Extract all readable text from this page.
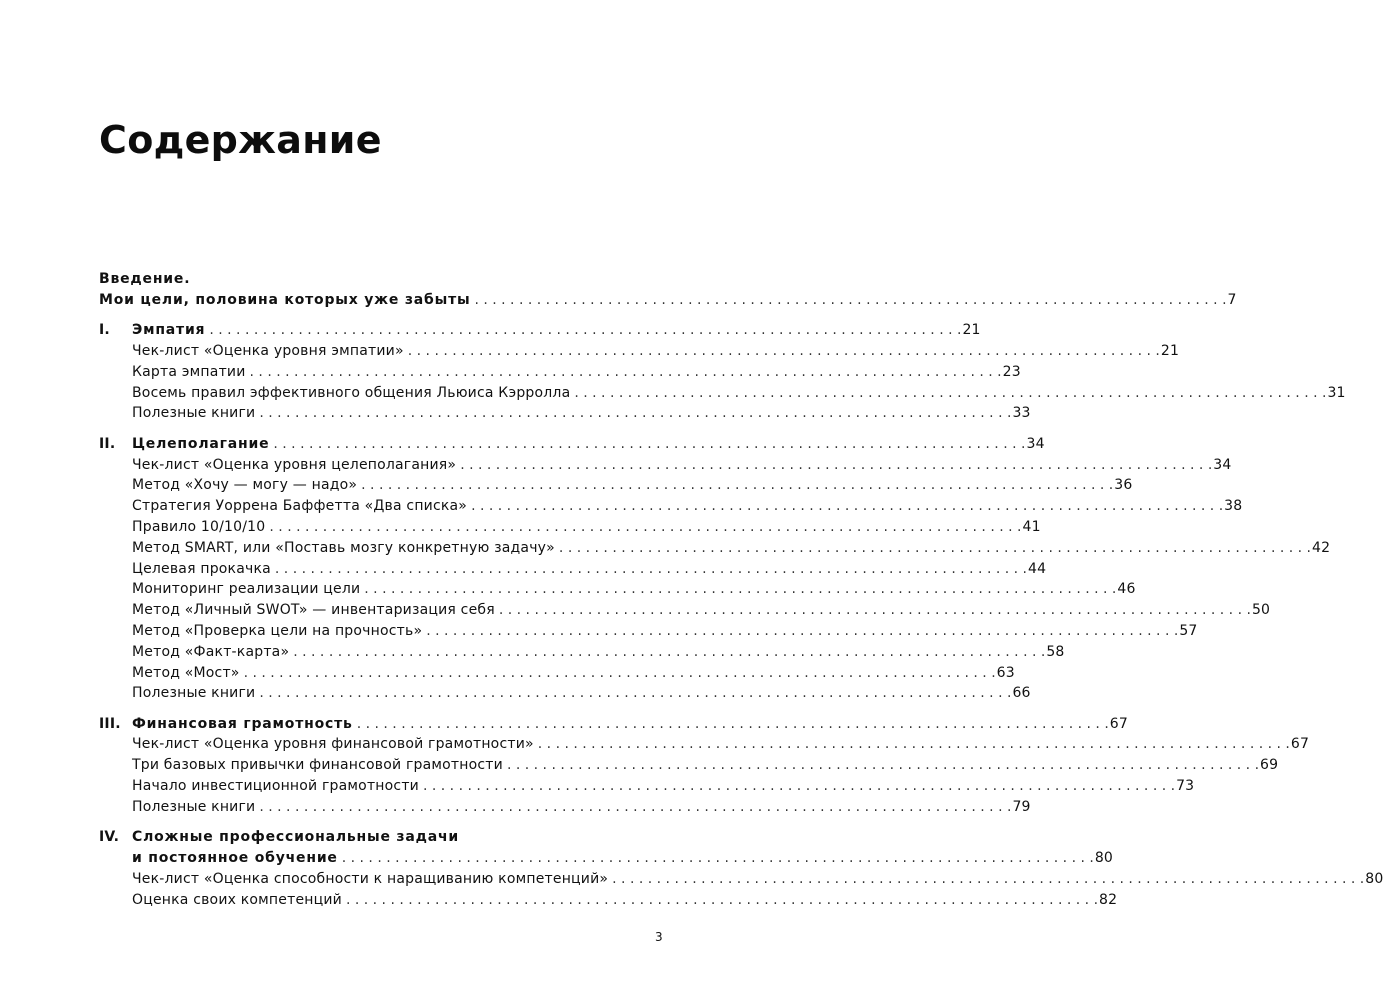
Содержание
Введение.
Мои цели, половина которых уже забыты . . .	7
I.	Эмпатия . . .	21
Чек-лист «Оценка уровня эмпатии» . . .	21
Карта эмпатии . . .	23
Восемь правил эффективного общения Льюиса Кэрролла . . .	31
Полезные книги . . .	33
II.	Целеполагание . . .	34
Чек-лист «Оценка уровня целеполагания» . . .	34
Метод «Хочу — могу — надо» . . .	36
Стратегия Уоррена Баффетта «Два списка» . . .	38
Правило 10/10/10 . . .	41
Метод SMART, или «Поставь мозгу конкретную задачу» . . .	42
Целевая прокачка . . .	44
Мониторинг реализации цели . . .	46
Метод «Личный SWOT» — инвентаризация себя . . .	50
Метод «Проверка цели на прочность» . . .	57
Метод «Факт-карта» . . .	58
Метод «Мост» . . .	63
Полезные книги . . .	66
III. Финансовая грамотность . . .	67
Чек-лист «Оценка уровня финансовой грамотности» . . .	67
Три базовых привычки финансовой грамотности . . .	69
Начало инвестиционной грамотности . . .	73
Полезные книги . . .	79
IV. Сложные профессиональные задачи
и постоянное обучение . . .	80
Чек-лист «Оценка способности к наращиванию компетенций» . . .	80
Оценка своих компетенций . . .	82
3
